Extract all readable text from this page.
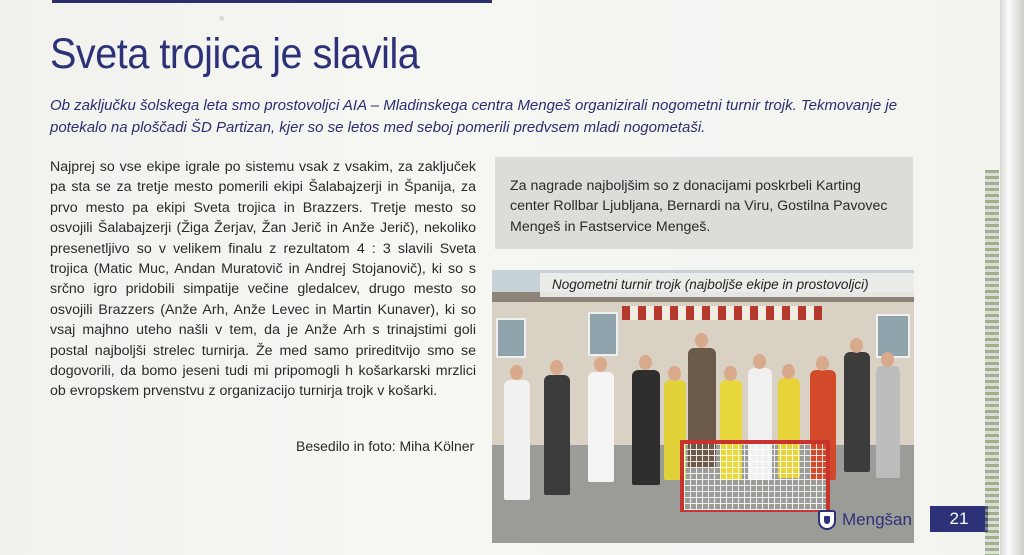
·
Sveta trojica je slavila

Ob zaključku šolskega leta smo prostovoljci AIA – Mladinskega centra Mengeš organizirali nogometni turnir trojk. Tekmovanje je potekalo na ploščadi ŠD Partizan, kjer so se letos med seboj pomerili predvsem mladi nogometaši.

Najprej so vse ekipe igrale po sistemu vsak z vsakim, za zaključek pa sta se za tretje mesto pomerili ekipi Šalabajzerji in Španija, za prvo mesto pa ekipi Sveta trojica in Brazzers. Tretje mesto so osvojili Šalabajzerji (Žiga Žerjav, Žan Jerič in Anže Jerič), nekoliko presenetljivo so v velikem finalu z rezultatom 4 : 3 slavili Sveta trojica (Matic Muc, Andan Muratovič in Andrej Stojanovič), ki so s srčno igro pridobili simpatije večine gledalcev, drugo mesto so osvojili Brazzers (Anže Arh, Anže Levec in Martin Kunaver), ki so vsaj majhno uteho našli v tem, da je Anže Arh s trinajstimi goli postal najboljši strelec turnirja. Že med samo prireditvijo smo se dogovorili, da bomo jeseni tudi mi pripomogli h košarkarski mrzlici ob evropskem prvenstvu z organizacijo turnirja trojk v košarki.

Besedilo in foto: Miha Kölner

Za nagrade najboljšim so z donacijami poskrbeli Karting center Rollbar Ljubljana, Bernardi na Viru, Gostilna Pavovec Mengeš in Fastservice Mengeš.

Nogometni turnir trojk (najboljše ekipe in prostovoljci)
Mengšan	21
